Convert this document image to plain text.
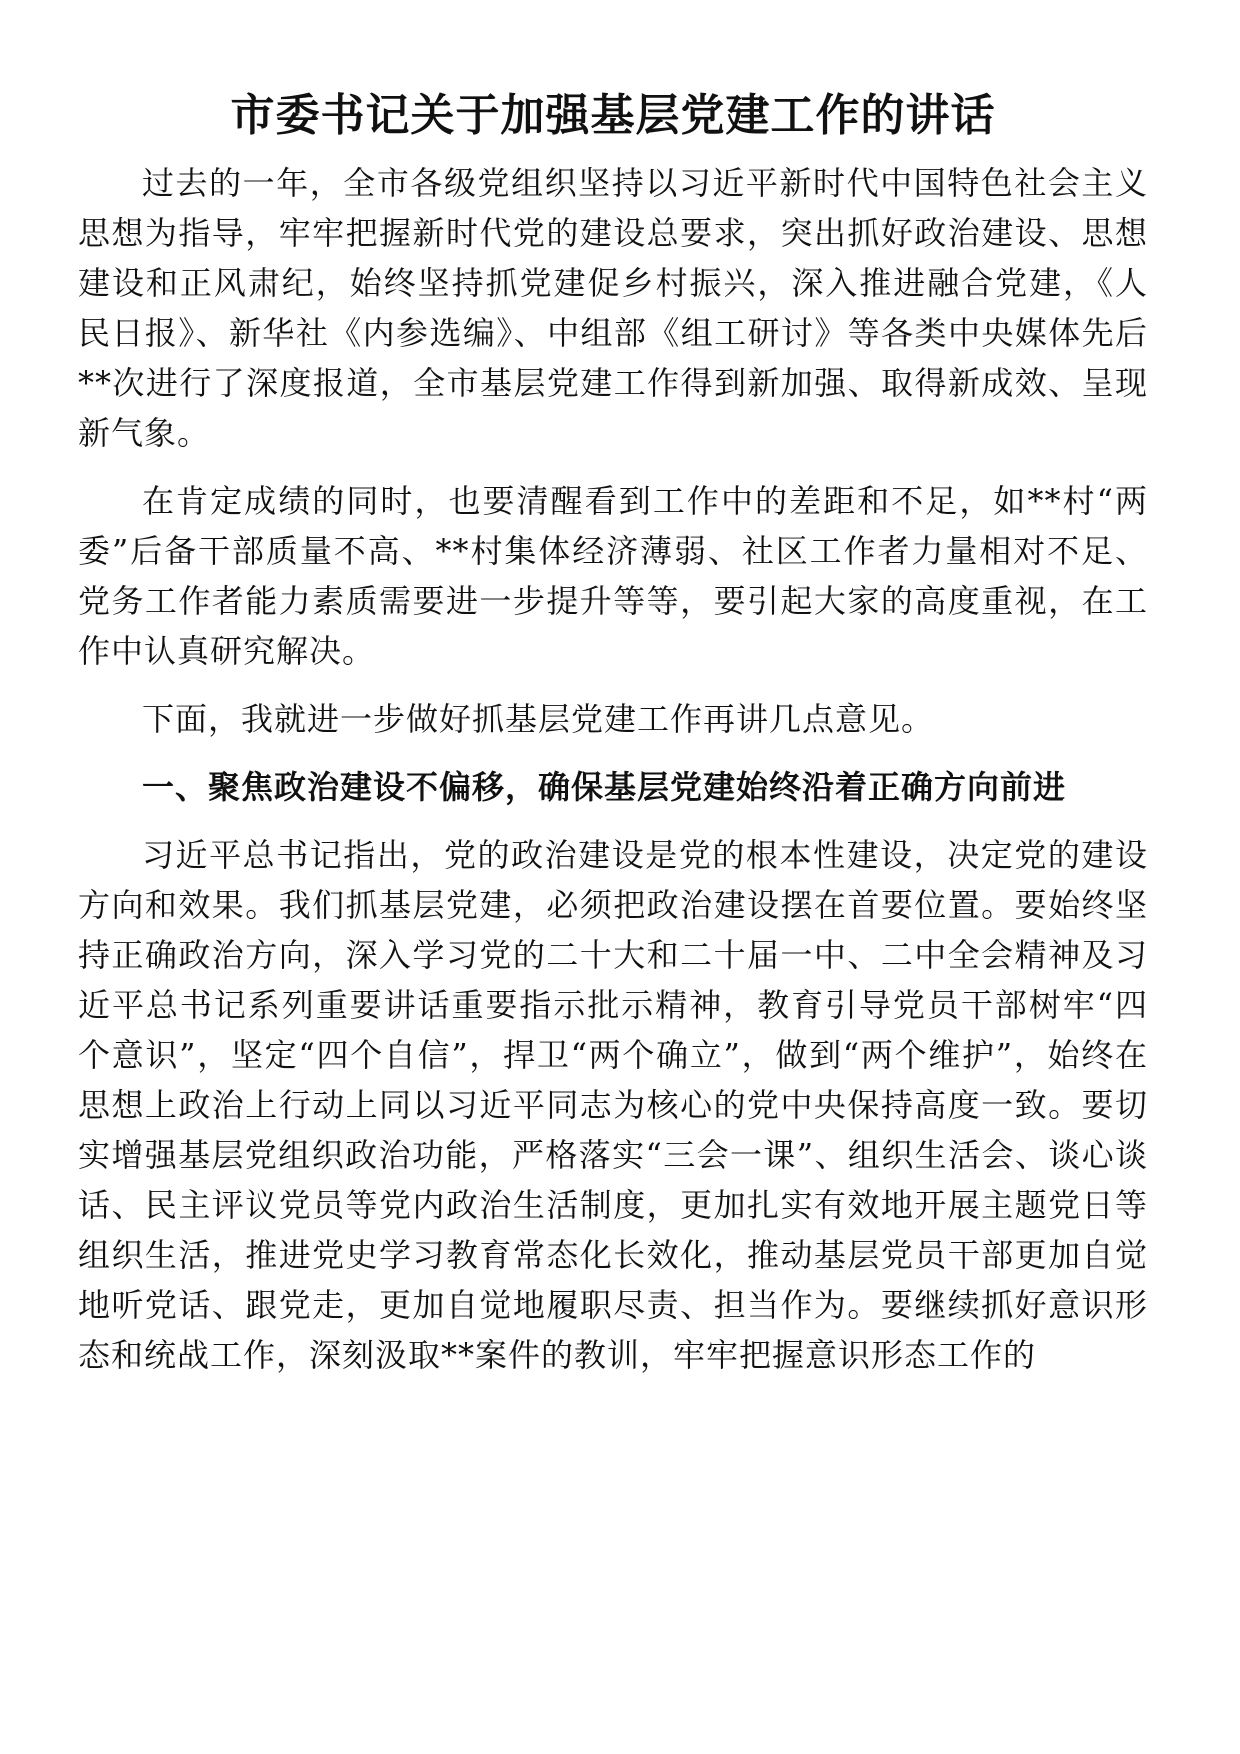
市委书记关于加强基层党建工作的讲话

过去的一年，全市各级党组织坚持以习近平新时代中国特色社会主义思想为指导，牢牢把握新时代党的建设总要求，突出抓好政治建设、思想建设和正风肃纪，始终坚持抓党建促乡村振兴，深入推进融合党建，《人民日报》、新华社《内参选编》、中组部《组工研讨》等各类中央媒体先后**次进行了深度报道，全市基层党建工作得到新加强、取得新成效、呈现新气象。

在肯定成绩的同时，也要清醒看到工作中的差距和不足，如**村“两委”后备干部质量不高、**村集体经济薄弱、社区工作者力量相对不足、党务工作者能力素质需要进一步提升等等，要引起大家的高度重视，在工作中认真研究解决。

下面，我就进一步做好抓基层党建工作再讲几点意见。

一、聚焦政治建设不偏移，确保基层党建始终沿着正确方向前进

习近平总书记指出，党的政治建设是党的根本性建设，决定党的建设方向和效果。我们抓基层党建，必须把政治建设摆在首要位置。要始终坚持正确政治方向，深入学习党的二十大和二十届一中、二中全会精神及习近平总书记系列重要讲话重要指示批示精神，教育引导党员干部树牢“四个意识”，坚定“四个自信”，捍卫“两个确立”，做到“两个维护”，始终在思想上政治上行动上同以习近平同志为核心的党中央保持高度一致。要切实增强基层党组织政治功能，严格落实“三会一课”、组织生活会、谈心谈话、民主评议党员等党内政治生活制度，更加扎实有效地开展主题党日等组织生活，推进党史学习教育常态化长效化，推动基层党员干部更加自觉地听党话、跟党走，更加自觉地履职尽责、担当作为。要继续抓好意识形态和统战工作，深刻汲取**案件的教训，牢牢把握意识形态工作的
